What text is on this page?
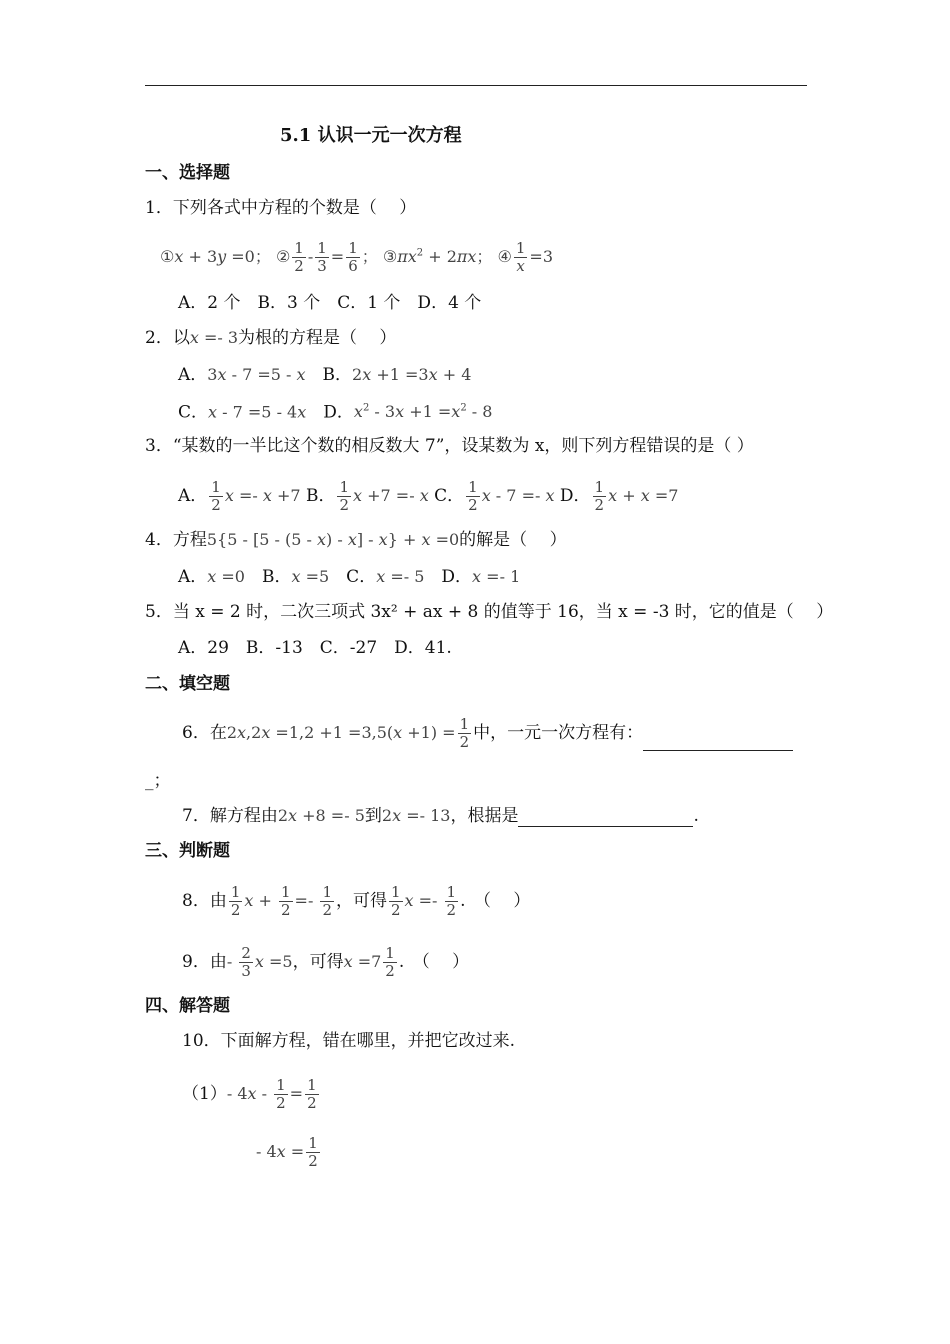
5.1 认识一元一次方程
一、选择题
1．下列各式中方程的个数是（　 ）
①x + 3y =0； ② $\frac{1}{2} - \frac{1}{3} = \frac{1}{6}$ ； $③\pi x^2 + 2\pi x$； ④ $\frac{1}{x} =3$
A．2 个　B．3 个　C．1 个　D．4 个
2．以x =- 3为根的方程是（　 ）
A．3x - 7 =5 - x　B．2x +1 =3x + 4
C．x - 7 =5 - 4x　D．$x^2 - 3x +1 =x^2 - 8$
3．“某数的一半比这个数的相反数大 7”，设某数为 x，则下列方程错误的是（ ）
A． $\frac{1}{2}$ x =- x +7 B． $\frac{1}{2}$ x +7 =- x C． $\frac{1}{2}$ x - 7 =- x D． $\frac{1}{2}$ x + x =7
4．方程5{5 - [5 - (5 - x) - x] - x} + x =0的解是（　 ）
A．x =0　B．x =5　C．x =- 5　D．x =- 1
5．当 x = 2 时，二次三项式 3x² + ax + 8 的值等于 16，当 x = -3 时，它的值是（　 ）
A．29　B．-13　C．-27　D．41.
二、填空题
6．在$2x,2x =1,2 +1 =3,5(x +1) = \frac{1}{2}$ 中，一元一次方程有：
_；
7．解方程由2x +8 =- 5到2x =- 13，根据是	.
三、判断题
8．由 $\frac{1}{2}$ $x + \frac{1}{2} =- \frac{1}{2}$ ，可得 $\frac{1}{2}$ $x =- \frac{1}{2}$ .　（　 ）
9．由- $\frac{2}{3}$ x =5，可得$x =7 \frac{1}{2}$ .　（　 ）
四、解答题
10．下面解方程，错在哪里，并把它改过来.
（1）- $4x - \frac{1}{2} = \frac{1}{2}$
- $4x = \frac{1}{2}$
